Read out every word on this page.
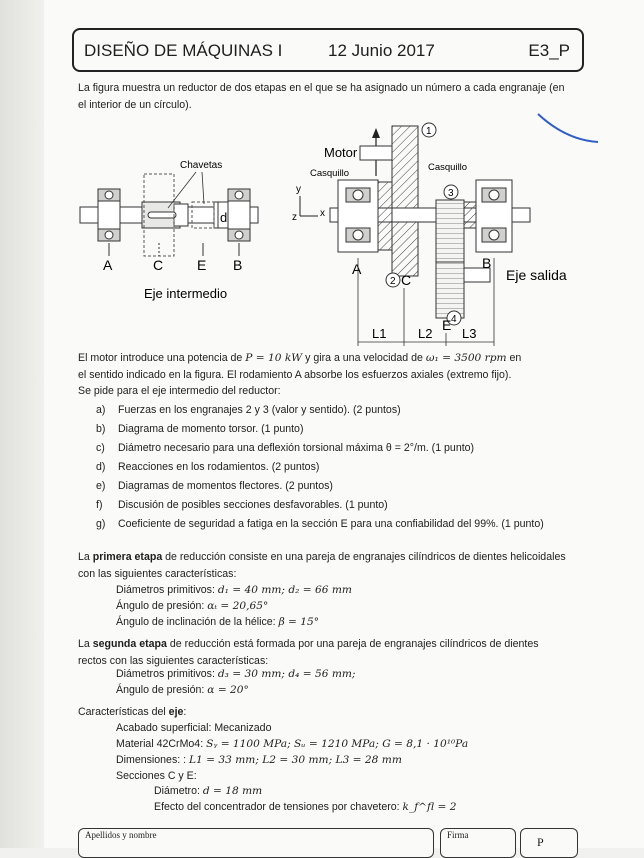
DISEÑO DE MÁQUINAS I	12 Junio 2017	E3_P
La figura muestra un reductor de dos etapas en el que se ha asignado un número a cada engranaje (en el interior de un círculo).
d
Chavetas
A	C E B
Eje intermedio
Motor
1
Casquillo
Casquillo
3
4
y
z x
A
2 C
B
E
Eje salida
L1 L2 L3
El motor introduce una potencia de P = 10 kW y gira a una velocidad de ω₁ = 3500 rpm en
el sentido indicado en la figura. El rodamiento A absorbe los esfuerzos axiales (extremo fijo).
Se pide para el eje intermedio del reductor:
a)	Fuerzas en los engranajes 2 y 3 (valor y sentido). (2 puntos)
b)	Diagrama de momento torsor. (1 punto)
c)	Diámetro necesario para una deflexión torsional máxima θ = 2°/m. (1 punto)
d)	Reacciones en los rodamientos. (2 puntos)
e)	Diagramas de momentos flectores. (2 puntos)
f)	Discusión de posibles secciones desfavorables. (1 punto)
g)	Coeficiente de seguridad a fatiga en la sección E para una confiabilidad del 99%. (1 punto)
La primera etapa de reducción consiste en una pareja de engranajes cilíndricos de dientes helicoidales con las siguientes características:
Diámetros primitivos: d₁ = 40 mm; d₂ = 66 mm
Ángulo de presión: αₜ = 20,65°
Ángulo de inclinación de la hélice: β = 15°
La segunda etapa de reducción está formada por una pareja de engranajes cilíndricos de dientes rectos con las siguientes características:
Diámetros primitivos: d₃ = 30 mm; d₄ = 56 mm;
Ángulo de presión: α = 20°
Características del eje:
Acabado superficial: Mecanizado
Material 42CrMo4: Sᵧ = 1100 MPa; Sᵤ = 1210 MPa; G = 8,1 · 10¹⁰Pa
Dimensiones: : L1 = 33 mm; L2 = 30 mm; L3 = 28 mm
Secciones C y E:
Diámetro: d = 18 mm
Efecto del concentrador de tensiones por chavetero: k_f^fl = 2
Apellidos y nombre	Firma	P
